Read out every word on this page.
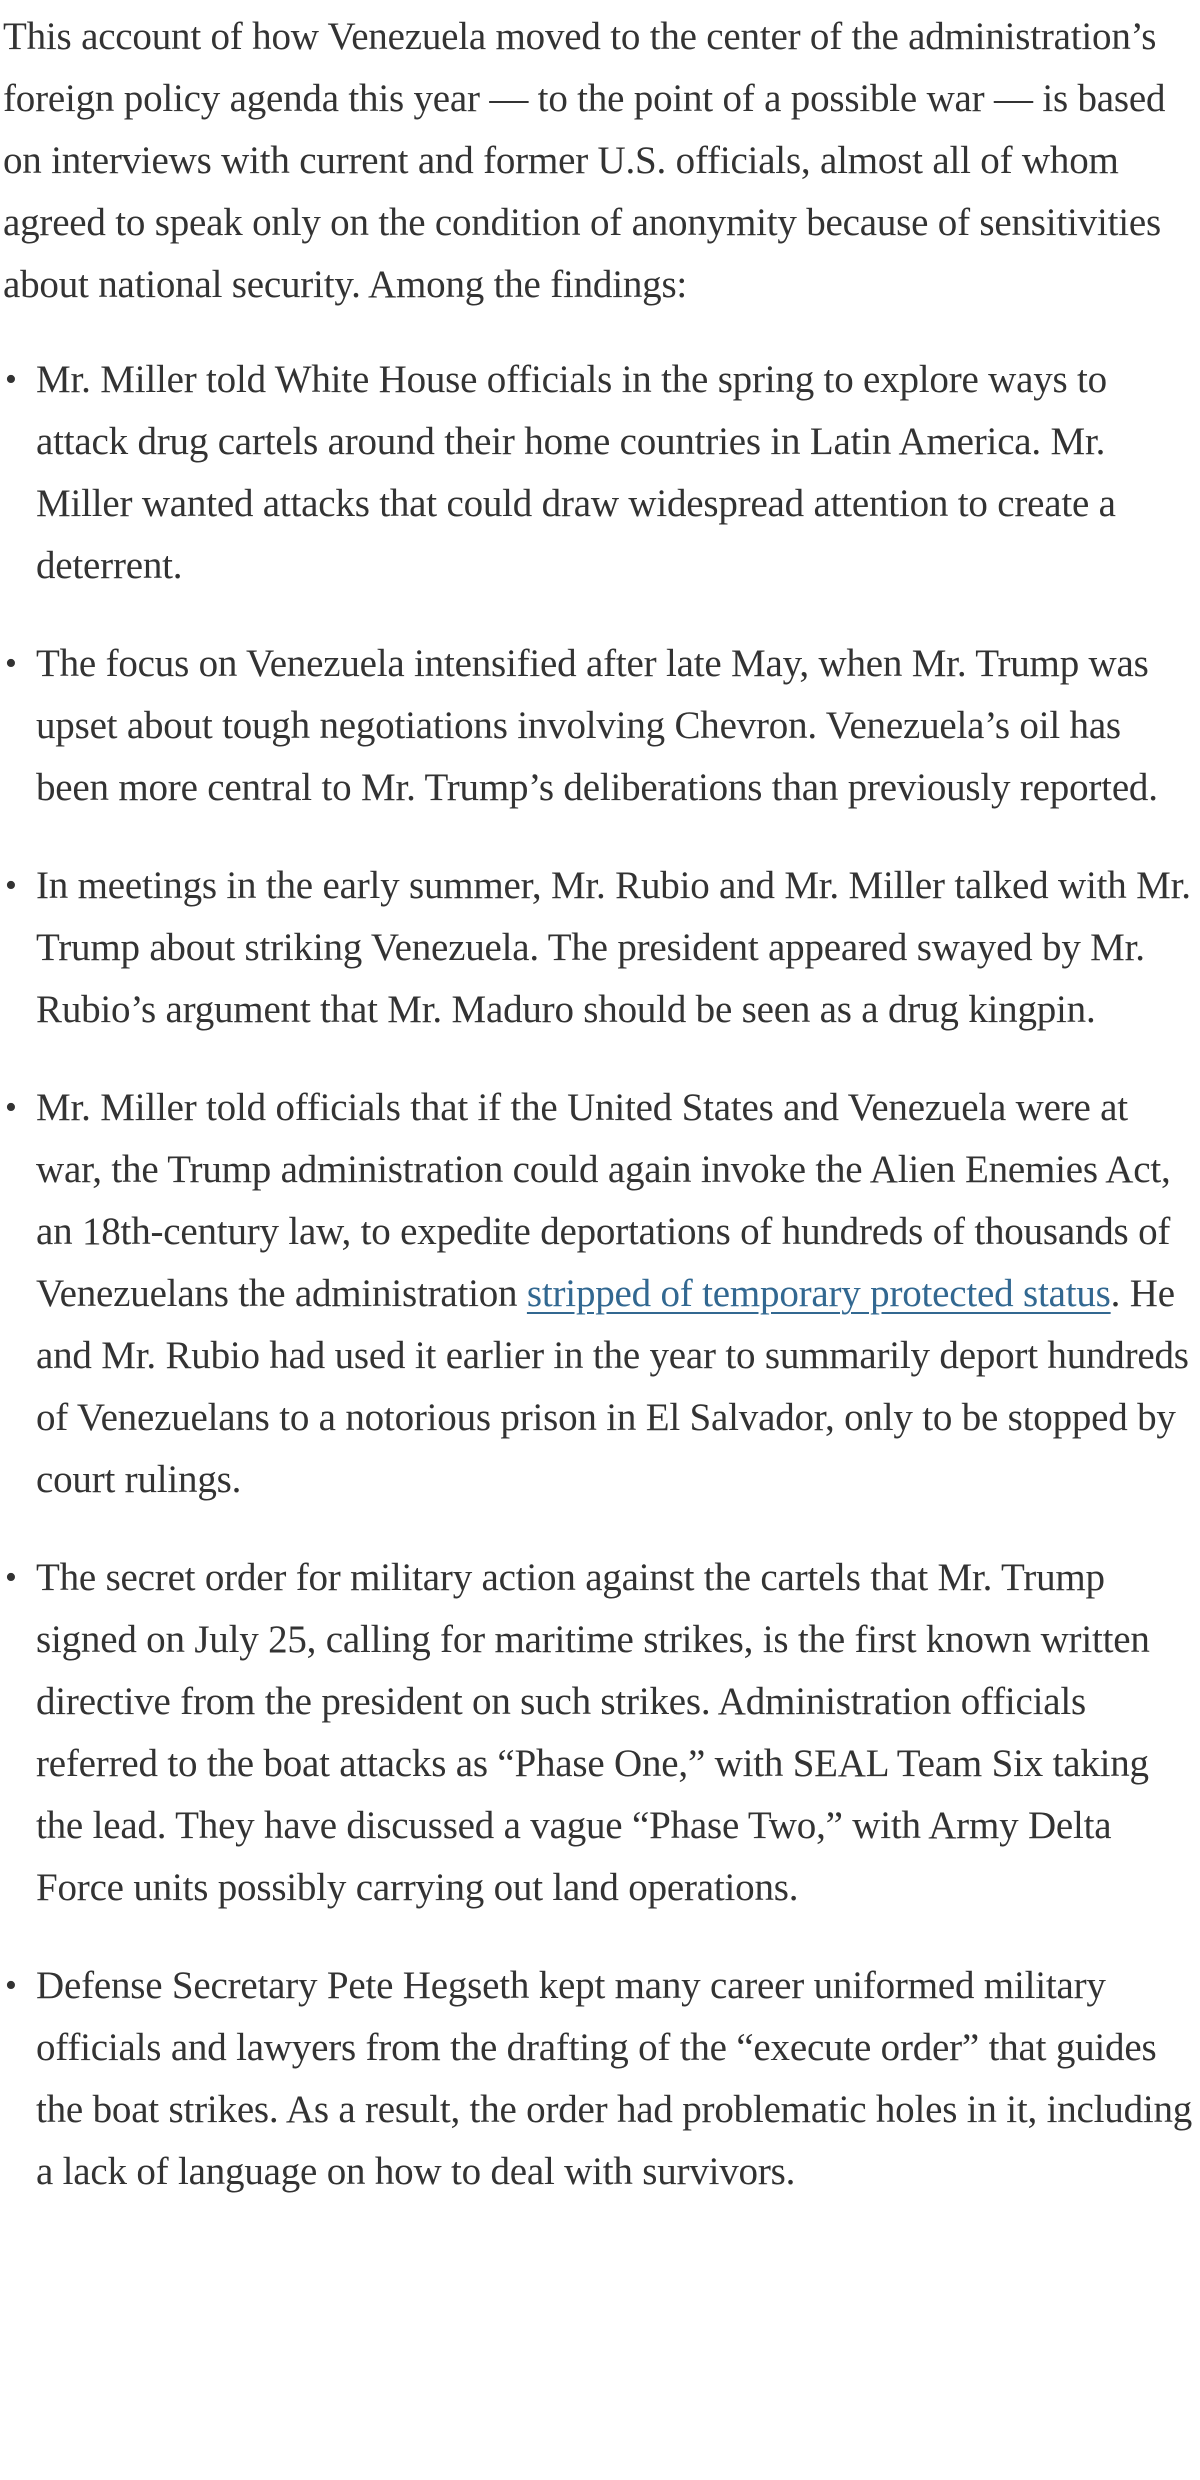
This account of how Venezuela moved to the center of the administration’s foreign policy agenda this year — to the point of a possible war — is based on interviews with current and former U.S. officials, almost all of whom agreed to speak only on the condition of anonymity because of sensitivities about national security. Among the findings:

• Mr. Miller told White House officials in the spring to explore ways to attack drug cartels around their home countries in Latin America. Mr. Miller wanted attacks that could draw widespread attention to create a deterrent.
• The focus on Venezuela intensified after late May, when Mr. Trump was upset about tough negotiations involving Chevron. Venezuela’s oil has been more central to Mr. Trump’s deliberations than previously reported.
• In meetings in the early summer, Mr. Rubio and Mr. Miller talked with Mr. Trump about striking Venezuela. The president appeared swayed by Mr. Rubio’s argument that Mr. Maduro should be seen as a drug kingpin.
• Mr. Miller told officials that if the United States and Venezuela were at war, the Trump administration could again invoke the Alien Enemies Act, an 18th-century law, to expedite deportations of hundreds of thousands of Venezuelans the administration stripped of temporary protected status. He and Mr. Rubio had used it earlier in the year to summarily deport hundreds of Venezuelans to a notorious prison in El Salvador, only to be stopped by court rulings.
• The secret order for military action against the cartels that Mr. Trump signed on July 25, calling for maritime strikes, is the first known written directive from the president on such strikes. Administration officials referred to the boat attacks as “Phase One,” with SEAL Team Six taking the lead. They have discussed a vague “Phase Two,” with Army Delta Force units possibly carrying out land operations.
• Defense Secretary Pete Hegseth kept many career uniformed military officials and lawyers from the drafting of the “execute order” that guides the boat strikes. As a result, the order had problematic holes in it, including a lack of language on how to deal with survivors.
